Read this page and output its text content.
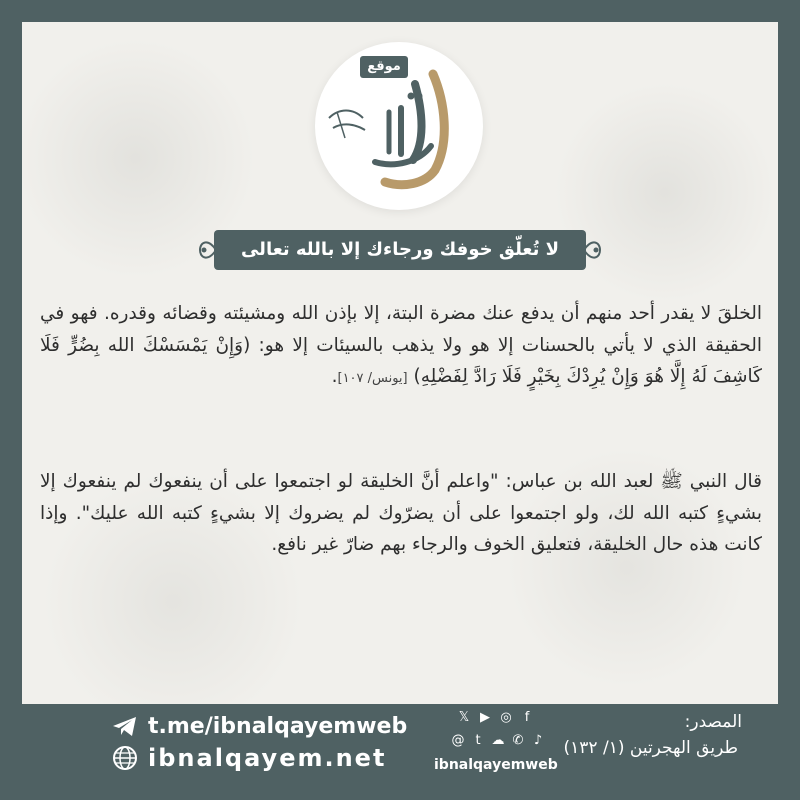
موقع
لا تُعلّق خوفك ورجاءك إلا بالله تعالى
الخلقَ لا يقدر أحد منهم أن يدفع عنك مضرة البتة، إلا بإذن الله ومشيئته وقضائه وقدره. فهو في الحقيقة الذي لا يأتي بالحسنات إلا هو ولا يذهب بالسيئات إلا هو: (وَإِنْ يَمْسَسْكَ الله بِضُرٍّ فَلَا كَاشِفَ لَهُ إِلَّا هُوَ وَإِنْ يُرِدْكَ بِخَيْرٍ فَلَا رَادَّ لِفَضْلِهِ) [يونس/ ١٠٧].
قال النبي ﷺ لعبد الله بن عباس: "واعلم أنَّ الخليقة لو اجتمعوا على أن ينفعوك لم ينفعوك إلا بشيءٍ كتبه الله لك، ولو اجتمعوا على أن يضرّوك لم يضروك إلا بشيءٍ كتبه الله عليك". وإذا كانت هذه حال الخليقة، فتعليق الخوف والرجاء بهم ضارّ غير نافع.
t.me/ibnalqayemweb
ibnalqayem.net
𝕏 ▶ ◎	f
@ t ☁ ✆ ♪
ibnalqayemweb
المصدر:
طريق الهجرتين (١/ ١٣٢)
